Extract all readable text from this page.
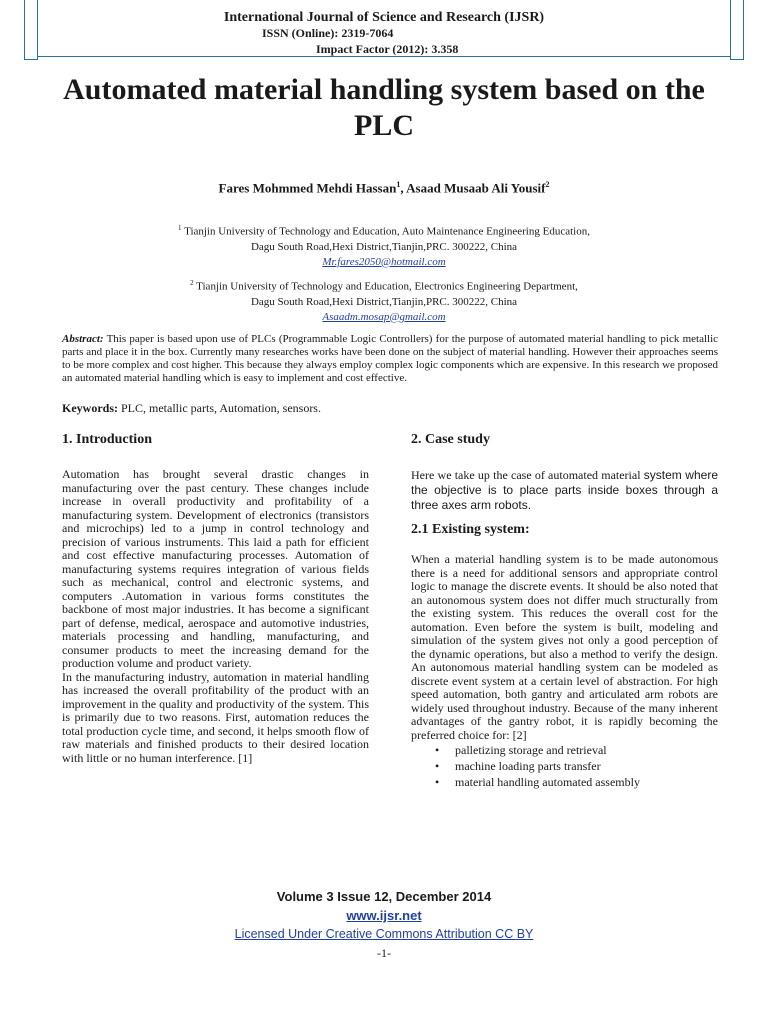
International Journal of Science and Research (IJSR)
ISSN (Online): 2319-7064
Impact Factor (2012): 3.358
Automated material handling system based on the PLC
Fares Mohmmed Mehdi Hassan$^1$, Asaad Musaab Ali Yousif$^2$
$^1$ Tianjin University of Technology and Education, Auto Maintenance Engineering Education,
Dagu South Road,Hexi District,Tianjin,PRC. 300222, China
Mr.fares2050@hotmail.com
$^2$ Tianjin University of Technology and Education, Electronics Engineering Department,
Dagu South Road,Hexi District,Tianjin,PRC. 300222, China
Asaadm.mosap@gmail.com

Abstract: This paper is based upon use of PLCs (Programmable Logic Controllers) for the purpose of automated material handling to pick metallic parts and place it in the box. Currently many researches works have been done on the subject of material handling. However their approaches seems to be more complex and cost higher. This because they always employ complex logic components which are expensive. In this research we proposed an automated material handling which is easy to implement and cost effective.

Keywords: PLC, metallic parts, Automation, sensors.
1. Introduction

Automation has brought several drastic changes in manufacturing over the past century. These changes include increase in overall productivity and profitability of a manufacturing system. Development of electronics (transistors and microchips) led to a jump in control technology and precision of various instruments. This laid a path for efficient and cost effective manufacturing processes. Automation of manufacturing systems requires integration of various fields such as mechanical, control and electronic systems, and computers .Automation in various forms constitutes the backbone of most major industries. It has become a significant part of defense, medical, aerospace and automotive industries, materials processing and handling, manufacturing, and consumer products to meet the increasing demand for the production volume and product variety.

In the manufacturing industry, automation in material handling has increased the overall profitability of the product with an improvement in the quality and productivity of the system. This is primarily due to two reasons. First, automation reduces the total production cycle time, and second, it helps smooth flow of raw materials and finished products to their desired location with little or no human interference. [1]

2. Case study

Here we take up the case of automated material system where the objective is to place parts inside boxes through a three axes arm robots.

2.1 Existing system:

When a material handling system is to be made autonomous there is a need for additional sensors and appropriate control logic to manage the discrete events. It should be also noted that an autonomous system does not differ much structurally from the existing system. This reduces the overall cost for the automation. Even before the system is built, modeling and simulation of the system gives not only a good perception of the dynamic operations, but also a method to verify the design. An autonomous material handling system can be modeled as discrete event system at a certain level of abstraction. For high speed automation, both gantry and articulated arm robots are widely used throughout industry. Because of the many inherent advantages of the gantry robot, it is rapidly becoming the preferred choice for: [2]

• palletizing storage and retrieval
• machine loading parts transfer
• material handling automated assembly
Volume 3 Issue 12, December 2014
www.ijsr.net
Licensed Under Creative Commons Attribution CC BY
-1-
